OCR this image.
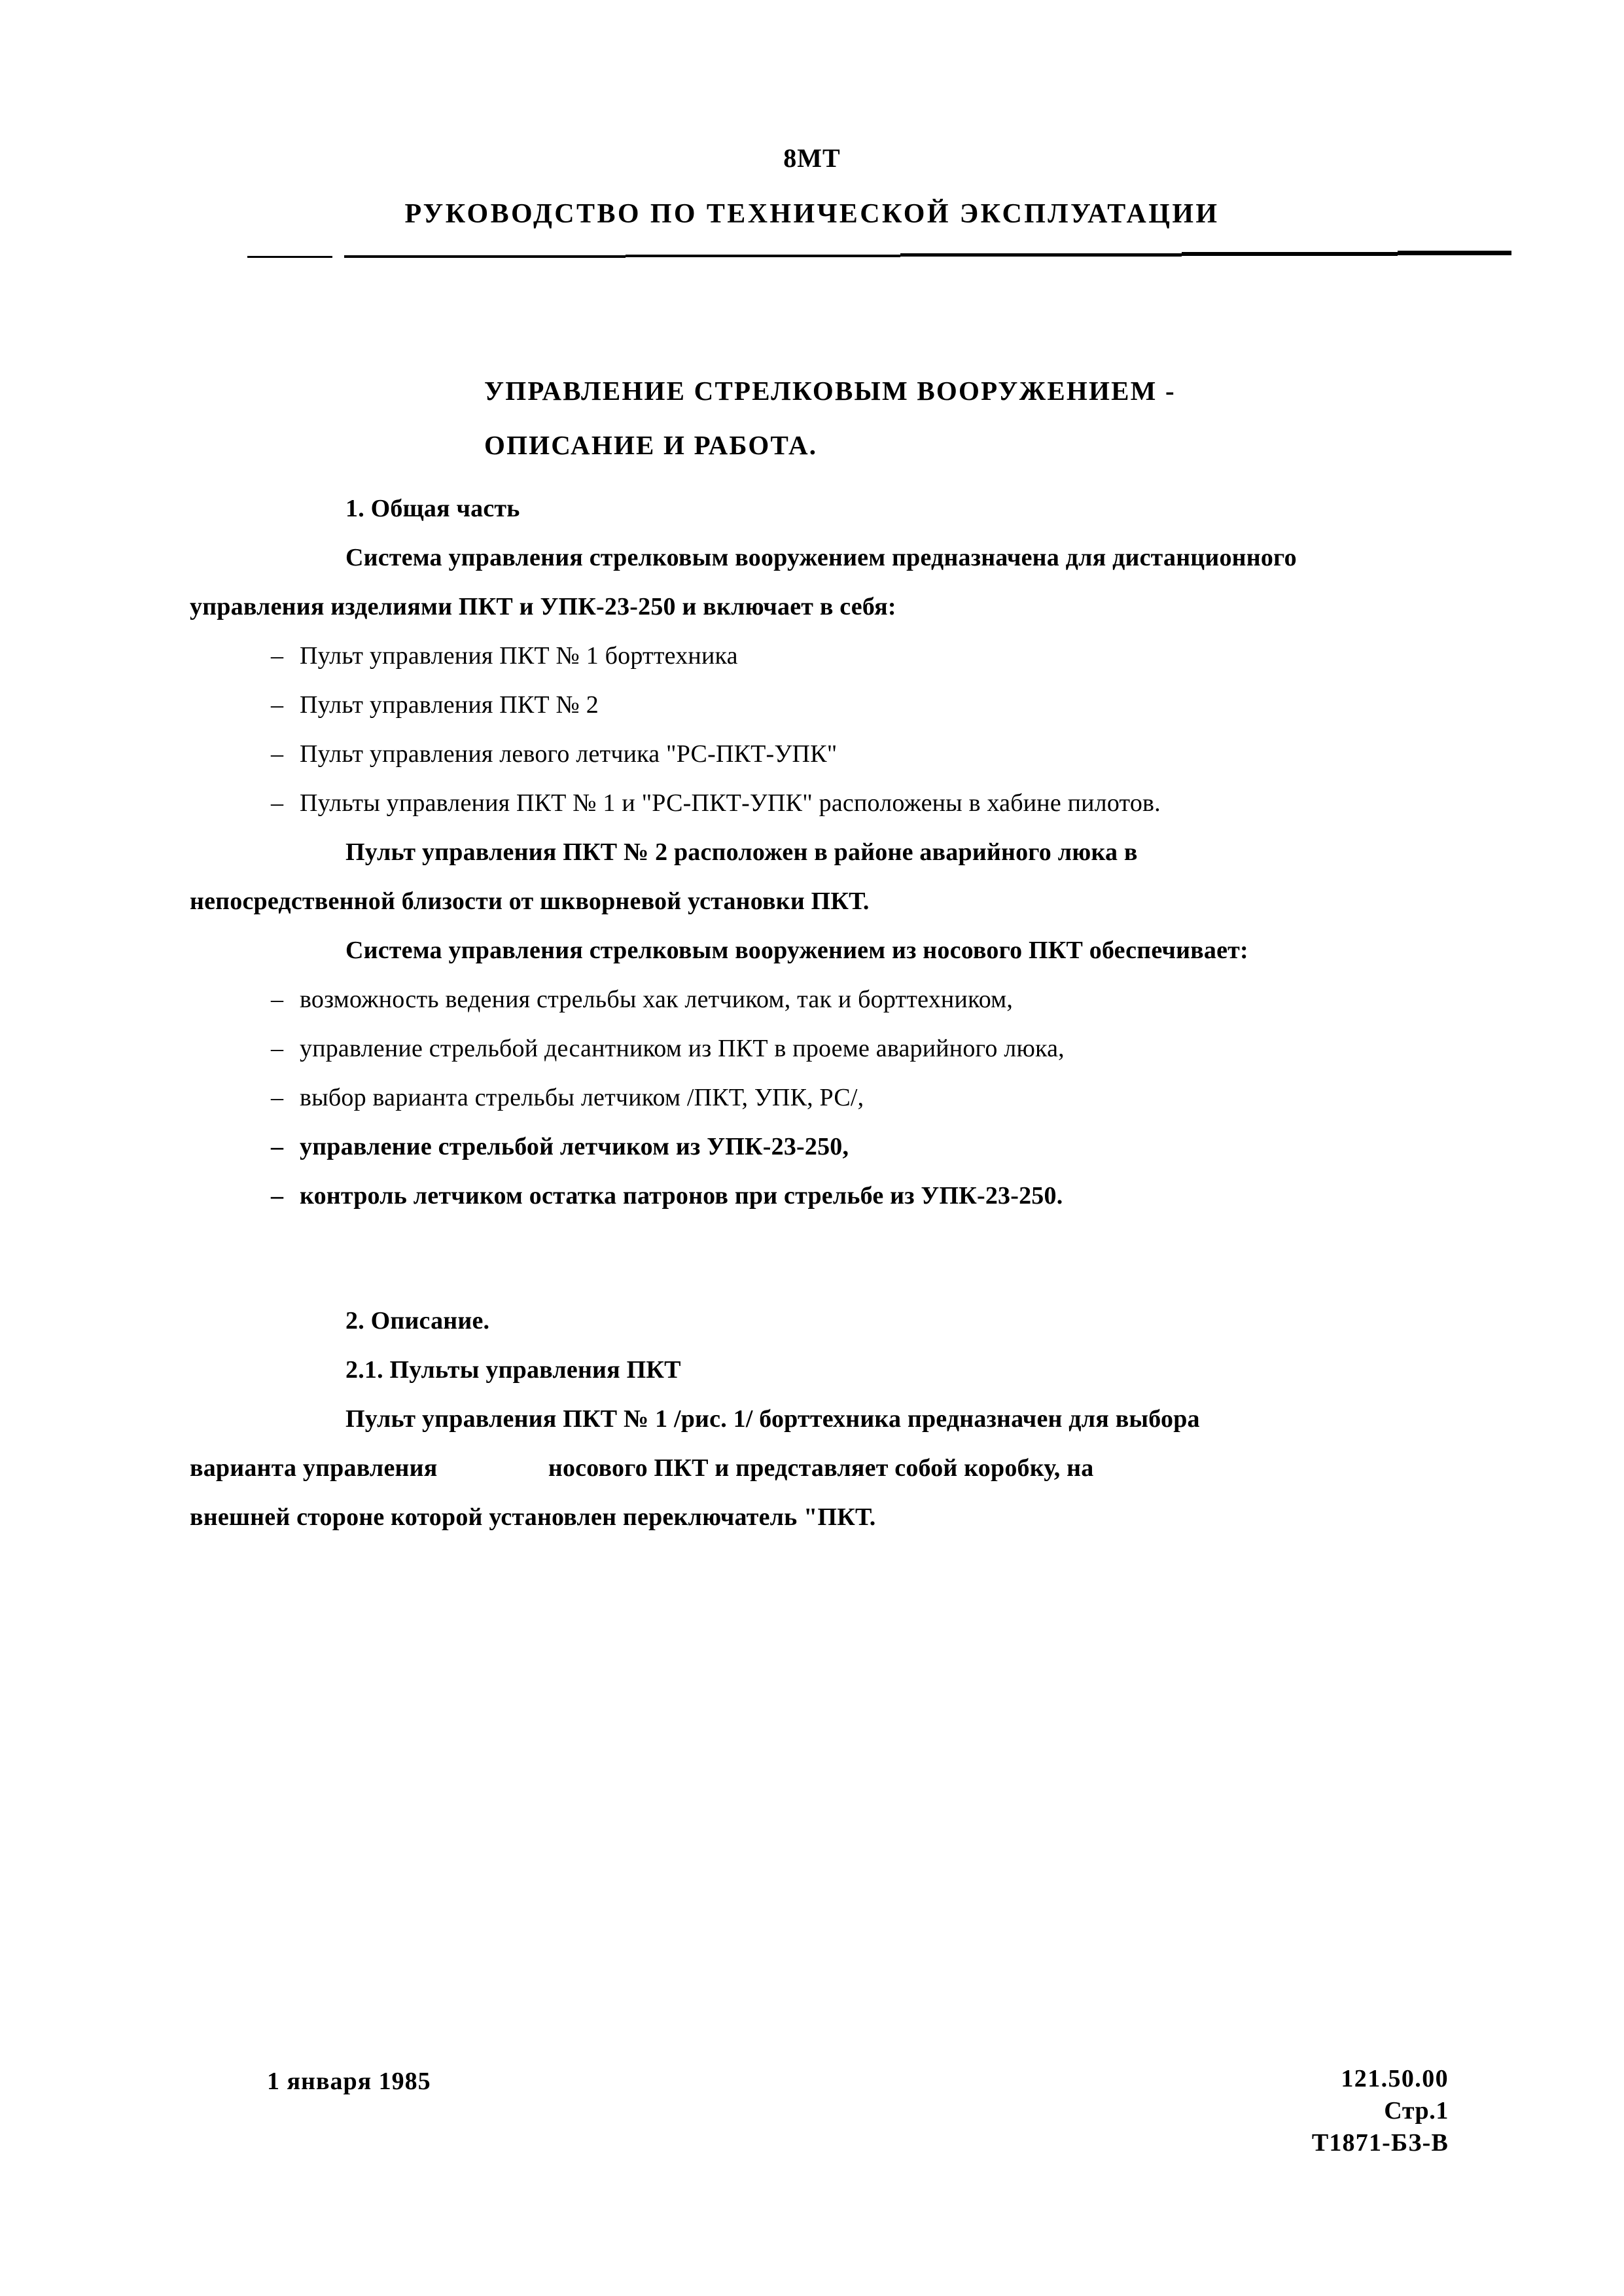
8МТ
РУКОВОДСТВО ПО ТЕХНИЧЕСКОЙ ЭКСПЛУАТАЦИИ
УПРАВЛЕНИЕ СТРЕЛКОВЫМ ВООРУЖЕНИЕМ -
ОПИСАНИЕ И РАБОТА.
1. Общая часть
Система управления стрелковым вооружением предназначена для дистанционного
управления изделиями ПКТ и УПК-23-250 и включает в себя:
– Пульт управления ПКТ № 1 борттехника
– Пульт управления ПКТ № 2
– Пульт управления левого летчика "РС-ПКТ-УПК"
– Пульты управления ПКТ № 1 и "РС-ПКТ-УПК" расположены в хабине пилотов.
Пульт управления ПКТ № 2 расположен в районе аварийного люка в
непосредственной близости от шкворневой установки ПКТ.
Система управления стрелковым вооружением из носового ПКТ обеспечивает:
– возможность ведения стрельбы хак летчиком, так и борттехником,
– управление стрельбой десантником из ПКТ в проеме аварийного люка,
– выбор варианта стрельбы летчиком /ПКТ, УПК, РС/,
– управление стрельбой летчиком из УПК-23-250,
– контроль летчиком остатка патронов при стрельбе из УПК-23-250.
2. Описание.
2.1. Пульты управления ПКТ
Пульт управления ПКТ № 1 /рис. 1/ борттехника предназначен для выбора
варианта управления	носового ПКТ и представляет собой коробку, на
внешней стороне которой установлен переключатель "ПКТ.
1 января 1985	121.50.00
Стр.1
Т1871-БЗ-В
